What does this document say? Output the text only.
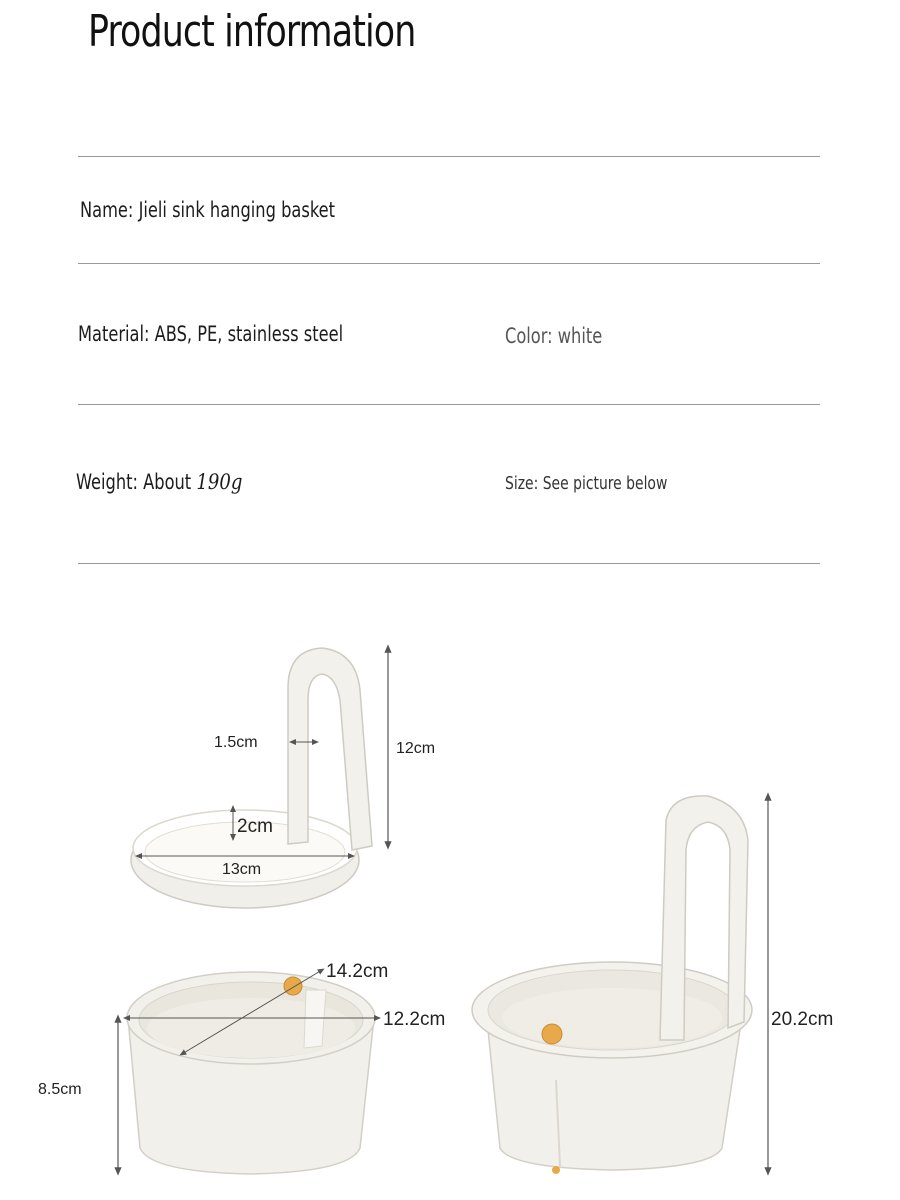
Product information
Name: Jieli sink hanging basket
Material: ABS, PE, stainless steel	Color: white
Weight: About 190g	Size: See picture below
1.5cm	12cm
2cm
13cm
14.2cm
12.2cm
8.5cm
20.2cm
